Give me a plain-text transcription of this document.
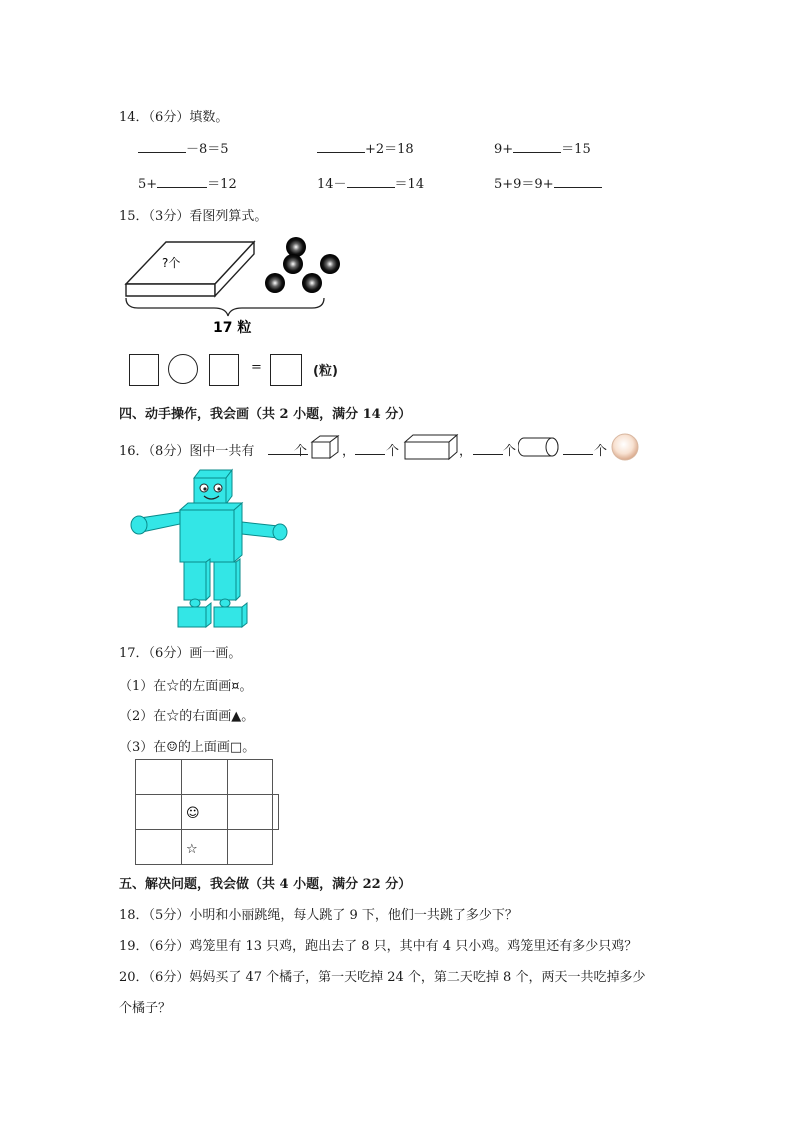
14．（6分）填数。
－8＝5	+2＝18	9+	＝15
5+	＝12	14－	＝14	5+9＝9+
15．（3分）看图列算式。
?个
17 粒
=	(粒)
四、动手操作，我会画（共 2 小题，满分 14 分）
16．（8分）图中一共有	个	， 个	， 个	个
17．（6分）画一画。
（1）在☆的左面画¤。
（2）在☆的右面画▲。
（3）在☺的上面画□。
☺
☆
五、解决问题，我会做（共 4 小题，满分 22 分）
18．（5分）小明和小丽跳绳，每人跳了 9 下，他们一共跳了多少下？
19．（6分）鸡笼里有 13 只鸡，跑出去了 8 只，其中有 4 只小鸡。鸡笼里还有多少只鸡？
20．（6分）妈妈买了 47 个橘子，第一天吃掉 24 个，第二天吃掉 8 个，两天一共吃掉多少
个橘子？
